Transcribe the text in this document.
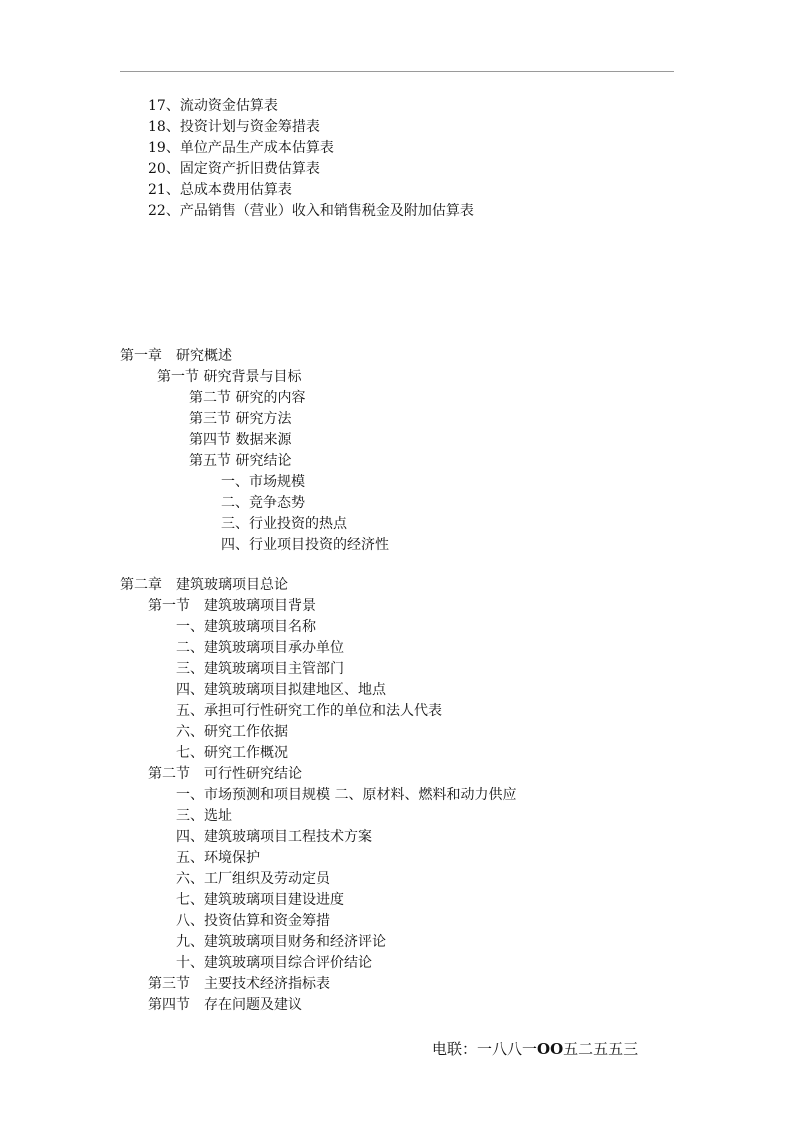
17、流动资金估算表
18、投资计划与资金筹措表
19、单位产品生产成本估算表
20、固定资产折旧费估算表
21、总成本费用估算表
22、产品销售（营业）收入和销售税金及附加估算表
第一章　研究概述
第一节 研究背景与目标
第二节 研究的内容
第三节 研究方法
第四节 数据来源
第五节 研究结论
一、市场规模
二、竞争态势
三、行业投资的热点
四、行业项目投资的经济性
第二章　建筑玻璃项目总论
第一节　建筑玻璃项目背景
一、建筑玻璃项目名称
二、建筑玻璃项目承办单位
三、建筑玻璃项目主管部门
四、建筑玻璃项目拟建地区、地点
五、承担可行性研究工作的单位和法人代表
六、研究工作依据
七、研究工作概况
第二节　可行性研究结论
一、市场预测和项目规模 二、原材料、燃料和动力供应
三、选址
四、建筑玻璃项目工程技术方案
五、环境保护
六、工厂组织及劳动定员
七、建筑玻璃项目建设进度
八、投资估算和资金筹措
九、建筑玻璃项目财务和经济评论
十、建筑玻璃项目综合评价结论
第三节　主要技术经济指标表
第四节　存在问题及建议
电联：一八八一OO五二五五三
